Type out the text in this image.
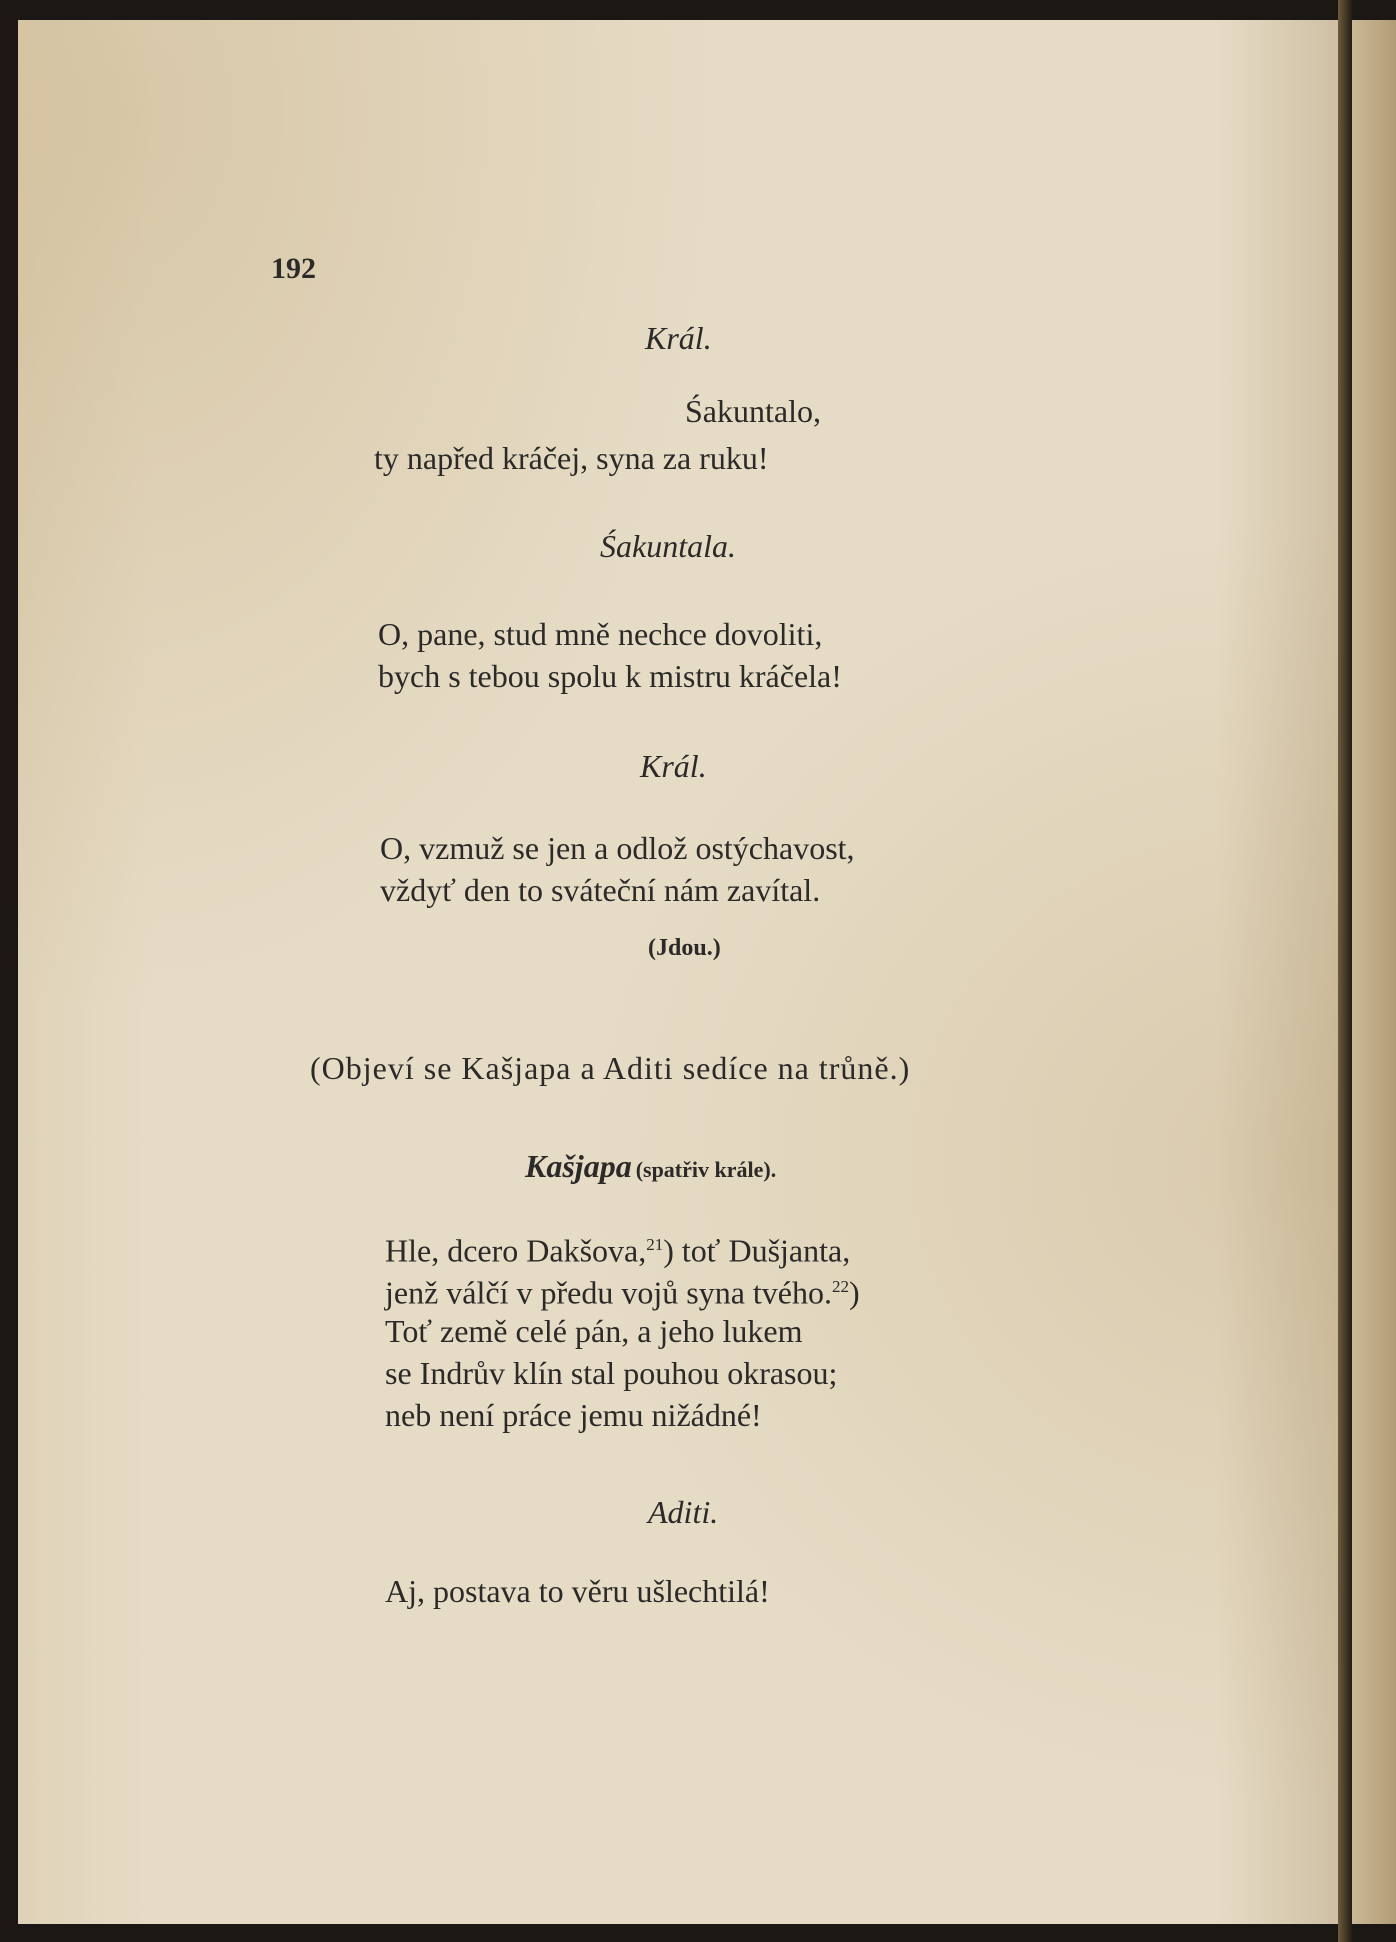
192
Král.
Śakuntalo,
ty napřed kráčej, syna za ruku!
Śakuntala.
O, pane, stud mně nechce dovoliti,
bych s tebou spolu k mistru kráčela!
Král.
O, vzmuž se jen a odlož ostýchavost,
vždyť den to sváteční nám zavítal.
(Jdou.)
(Objeví se Kašjapa a Aditi sedíce na trůně.)
Kašjapa (spatřiv krále).
Hle, dcero Dakšova,$^{21}$) toť Dušjanta,
jenž válčí v předu vojů syna tvého.$^{22}$)
Toť země celé pán, a jeho lukem
se Indrův klín stal pouhou okrasou;
neb není práce jemu nižádné!
Aditi.
Aj, postava to věru ušlechtilá!
